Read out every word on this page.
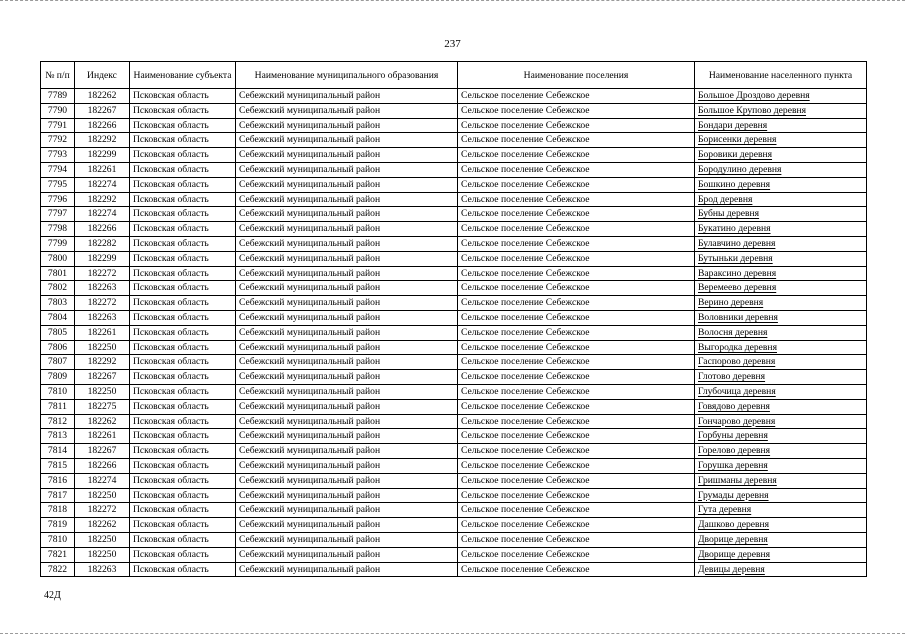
237
№ п/п	Индекс	Наименование субъекта	Наименование муниципального образования	Наименование поселения	Наименование населенного пункта
7789	182262	Псковская область	Себежский муниципальный район	Сельское поселение Себежское	Большое Дроздово деревня
7790	182267	Псковская область	Себежский муниципальный район	Сельское поселение Себежское	Большое Крупово деревня
7791	182266	Псковская область	Себежский муниципальный район	Сельское поселение Себежское	Бондари деревня
7792	182292	Псковская область	Себежский муниципальный район	Сельское поселение Себежское	Борисенки деревня
7793	182299	Псковская область	Себежский муниципальный район	Сельское поселение Себежское	Боровики деревня
7794	182261	Псковская область	Себежский муниципальный район	Сельское поселение Себежское	Бородулино деревня
7795	182274	Псковская область	Себежский муниципальный район	Сельское поселение Себежское	Бошкино деревня
7796	182292	Псковская область	Себежский муниципальный район	Сельское поселение Себежское	Брод деревня
7797	182274	Псковская область	Себежский муниципальный район	Сельское поселение Себежское	Бубны деревня
7798	182266	Псковская область	Себежский муниципальный район	Сельское поселение Себежское	Букатино деревня
7799	182282	Псковская область	Себежский муниципальный район	Сельское поселение Себежское	Булавчино деревня
7800	182299	Псковская область	Себежский муниципальный район	Сельское поселение Себежское	Бутыньки деревня
7801	182272	Псковская область	Себежский муниципальный район	Сельское поселение Себежское	Вараксино деревня
7802	182263	Псковская область	Себежский муниципальный район	Сельское поселение Себежское	Веремеево деревня
7803	182272	Псковская область	Себежский муниципальный район	Сельское поселение Себежское	Верино деревня
7804	182263	Псковская область	Себежский муниципальный район	Сельское поселение Себежское	Воловники деревня
7805	182261	Псковская область	Себежский муниципальный район	Сельское поселение Себежское	Волосня деревня
7806	182250	Псковская область	Себежский муниципальный район	Сельское поселение Себежское	Выгородка деревня
7807	182292	Псковская область	Себежский муниципальный район	Сельское поселение Себежское	Гаспорово деревня
7809	182267	Псковская область	Себежский муниципальный район	Сельское поселение Себежское	Глотово деревня
7810	182250	Псковская область	Себежский муниципальный район	Сельское поселение Себежское	Глубочица деревня
7811	182275	Псковская область	Себежский муниципальный район	Сельское поселение Себежское	Говядово деревня
7812	182262	Псковская область	Себежский муниципальный район	Сельское поселение Себежское	Гончарово деревня
7813	182261	Псковская область	Себежский муниципальный район	Сельское поселение Себежское	Горбуны деревня
7814	182267	Псковская область	Себежский муниципальный район	Сельское поселение Себежское	Горелово деревня
7815	182266	Псковская область	Себежский муниципальный район	Сельское поселение Себежское	Горушка деревня
7816	182274	Псковская область	Себежский муниципальный район	Сельское поселение Себежское	Гришманы деревня
7817	182250	Псковская область	Себежский муниципальный район	Сельское поселение Себежское	Грумады деревня
7818	182272	Псковская область	Себежский муниципальный район	Сельское поселение Себежское	Гута деревня
7819	182262	Псковская область	Себежский муниципальный район	Сельское поселение Себежское	Дашково деревня
7810	182250	Псковская область	Себежский муниципальный район	Сельское поселение Себежское	Дворице деревня
7821	182250	Псковская область	Себежский муниципальный район	Сельское поселение Себежское	Дворище деревня
7822	182263	Псковская область	Себежский муниципальный район	Сельское поселение Себежское	Девицы деревня
42Д
